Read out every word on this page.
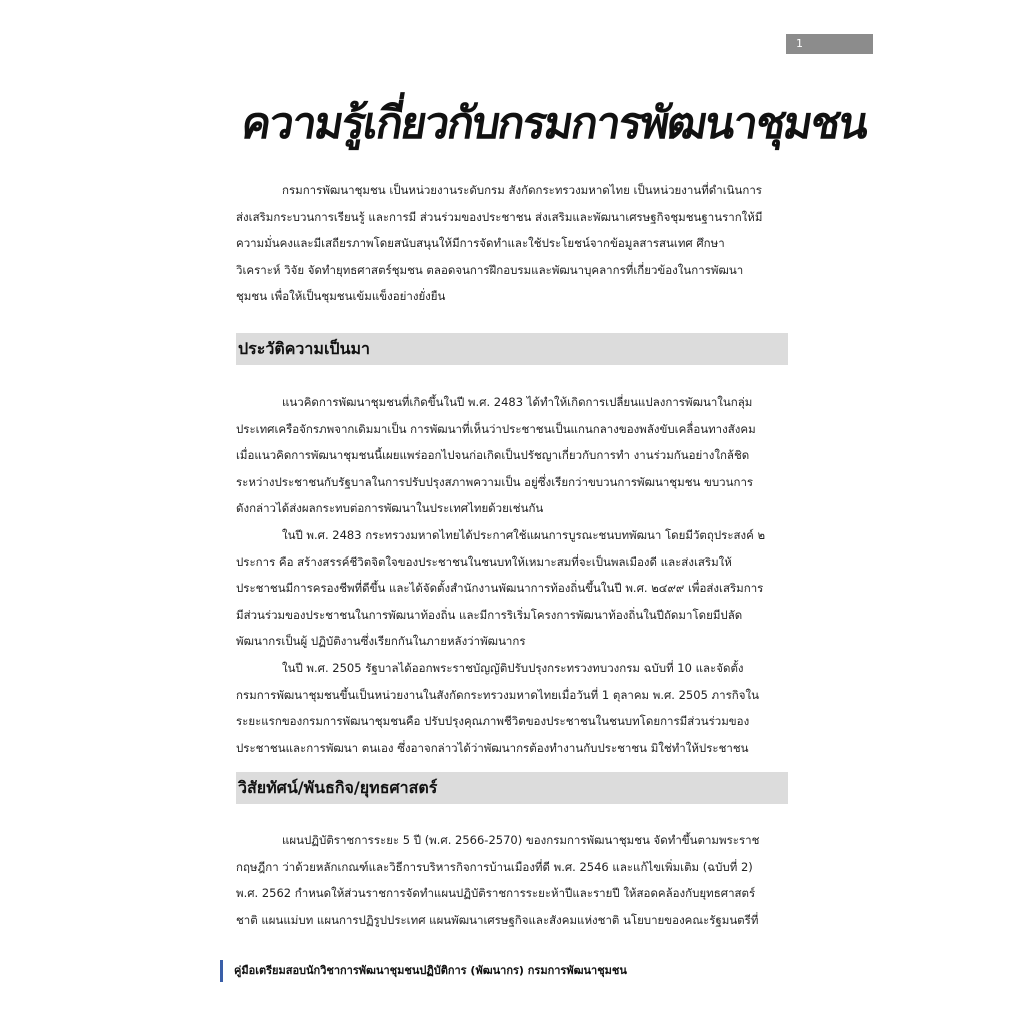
1
ความรู้เกี่ยวกับกรมการพัฒนาชุมชน
กรมการพัฒนาชุมชน เป็นหน่วยงานระดับกรม สังกัดกระทรวงมหาดไทย เป็นหน่วยงานที่ดำเนินการ
ส่งเสริมกระบวนการเรียนรู้ และการมี ส่วนร่วมของประชาชน ส่งเสริมและพัฒนาเศรษฐกิจชุมชนฐานรากให้มี
ความมั่นคงและมีเสถียรภาพโดยสนับสนุนให้มีการจัดทำและใช้ประโยชน์จากข้อมูลสารสนเทศ ศึกษา
วิเคราะห์ วิจัย จัดทำยุทธศาสตร์ชุมชน ตลอดจนการฝึกอบรมและพัฒนาบุคลากรที่เกี่ยวข้องในการพัฒนา
ชุมชน เพื่อให้เป็นชุมชนเข้มแข็งอย่างยั่งยืน
ประวัติความเป็นมา
แนวคิดการพัฒนาชุมชนที่เกิดขึ้นในปี พ.ศ. 2483 ได้ทำให้เกิดการเปลี่ยนแปลงการพัฒนาในกลุ่ม
ประเทศเครือจักรภพจากเดิมมาเป็น การพัฒนาที่เห็นว่าประชาชนเป็นแกนกลางของพลังขับเคลื่อนทางสังคม
เมื่อแนวคิดการพัฒนาชุมชนนี้เผยแพร่ออกไปจนก่อเกิดเป็นปรัชญาเกี่ยวกับการทำ งานร่วมกันอย่างใกล้ชิด
ระหว่างประชาชนกับรัฐบาลในการปรับปรุงสภาพความเป็น อยู่ซึ่งเรียกว่าขบวนการพัฒนาชุมชน ขบวนการ
ดังกล่าวได้ส่งผลกระทบต่อการพัฒนาในประเทศไทยด้วยเช่นกัน
ในปี พ.ศ. 2483 กระทรวงมหาดไทยได้ประกาศใช้แผนการบูรณะชนบทพัฒนา โดยมีวัตถุประสงค์ ๒
ประการ คือ สร้างสรรค์ชีวิตจิตใจของประชาชนในชนบทให้เหมาะสมที่จะเป็นพลเมืองดี และส่งเสริมให้
ประชาชนมีการครองชีพที่ดีขึ้น และได้จัดตั้งสำนักงานพัฒนาการท้องถิ่นขึ้นในปี พ.ศ. ๒๔๙๙ เพื่อส่งเสริมการ
มีส่วนร่วมของประชาชนในการพัฒนาท้องถิ่น และมีการริเริ่มโครงการพัฒนาท้องถิ่นในปีถัดมาโดยมีปลัด
พัฒนากรเป็นผู้ ปฏิบัติงานซึ่งเรียกกันในภายหลังว่าพัฒนากร
ในปี พ.ศ. 2505 รัฐบาลได้ออกพระราชบัญญัติปรับปรุงกระทรวงทบวงกรม ฉบับที่ 10 และจัดตั้ง
กรมการพัฒนาชุมชนขึ้นเป็นหน่วยงานในสังกัดกระทรวงมหาดไทยเมื่อวันที่ 1 ตุลาคม พ.ศ. 2505 ภารกิจใน
ระยะแรกของกรมการพัฒนาชุมชนคือ ปรับปรุงคุณภาพชีวิตของประชาชนในชนบทโดยการมีส่วนร่วมของ
ประชาชนและการพัฒนา ตนเอง ซึ่งอาจกล่าวได้ว่าพัฒนากรต้องทำงานกับประชาชน มิใช่ทำให้ประชาชน
วิสัยทัศน์/พันธกิจ/ยุทธศาสตร์
แผนปฏิบัติราชการระยะ 5 ปี (พ.ศ. 2566-2570) ของกรมการพัฒนาชุมชน จัดทำขึ้นตามพระราช
กฤษฎีกา ว่าด้วยหลักเกณฑ์และวิธีการบริหารกิจการบ้านเมืองที่ดี พ.ศ. 2546 และแก้ไขเพิ่มเติม (ฉบับที่ 2)
พ.ศ. 2562 กำหนดให้ส่วนราชการจัดทำแผนปฏิบัติราชการระยะห้าปีและรายปี ให้สอดคล้องกับยุทธศาสตร์
ชาติ แผนแม่บท แผนการปฏิรูปประเทศ แผนพัฒนาเศรษฐกิจและสังคมแห่งชาติ นโยบายของคณะรัฐมนตรีที่
คู่มือเตรียมสอบนักวิชาการพัฒนาชุมชนปฏิบัติการ (พัฒนากร) กรมการพัฒนาชุมชน
